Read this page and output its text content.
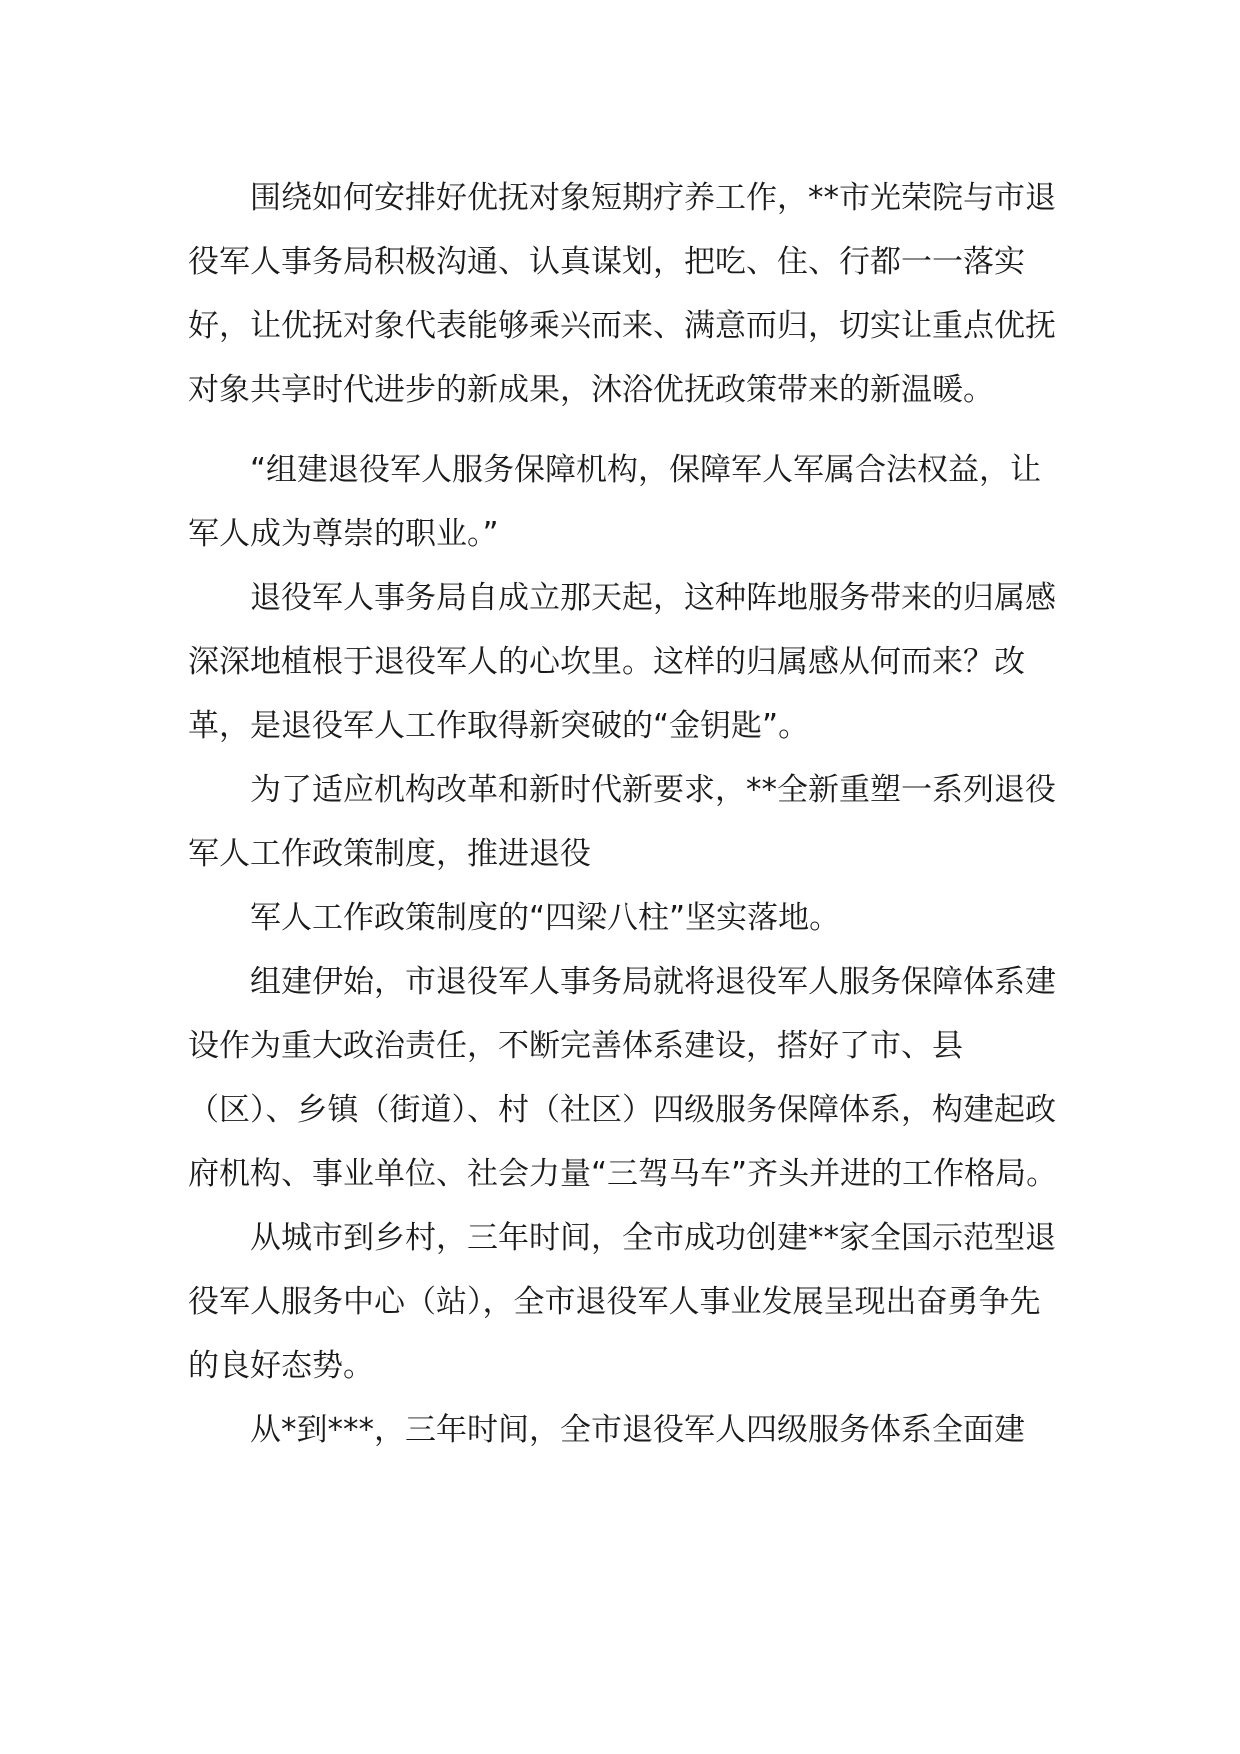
围绕如何安排好优抚对象短期疗养工作，**市光荣院与市退役军人事务局积极沟通、认真谋划，把吃、住、行都一一落实好，让优抚对象代表能够乘兴而来、满意而归，切实让重点优抚对象共享时代进步的新成果，沐浴优抚政策带来的新温暖。

“组建退役军人服务保障机构，保障军人军属合法权益，让军人成为尊崇的职业。”

退役军人事务局自成立那天起，这种阵地服务带来的归属感深深地植根于退役军人的心坎里。这样的归属感从何而来？改革，是退役军人工作取得新突破的“金钥匙”。

为了适应机构改革和新时代新要求，**全新重塑一系列退役军人工作政策制度，推进退役

军人工作政策制度的“四梁八柱”坚实落地。

组建伊始，市退役军人事务局就将退役军人服务保障体系建设作为重大政治责任，不断完善体系建设，搭好了市、县（区）、乡镇（街道）、村（社区）四级服务保障体系，构建起政府机构、事业单位、社会力量“三驾马车”齐头并进的工作格局。

从城市到乡村，三年时间，全市成功创建**家全国示范型退役军人服务中心（站），全市退役军人事业发展呈现出奋勇争先的良好态势。

从*到***，三年时间，全市退役军人四级服务体系全面建
